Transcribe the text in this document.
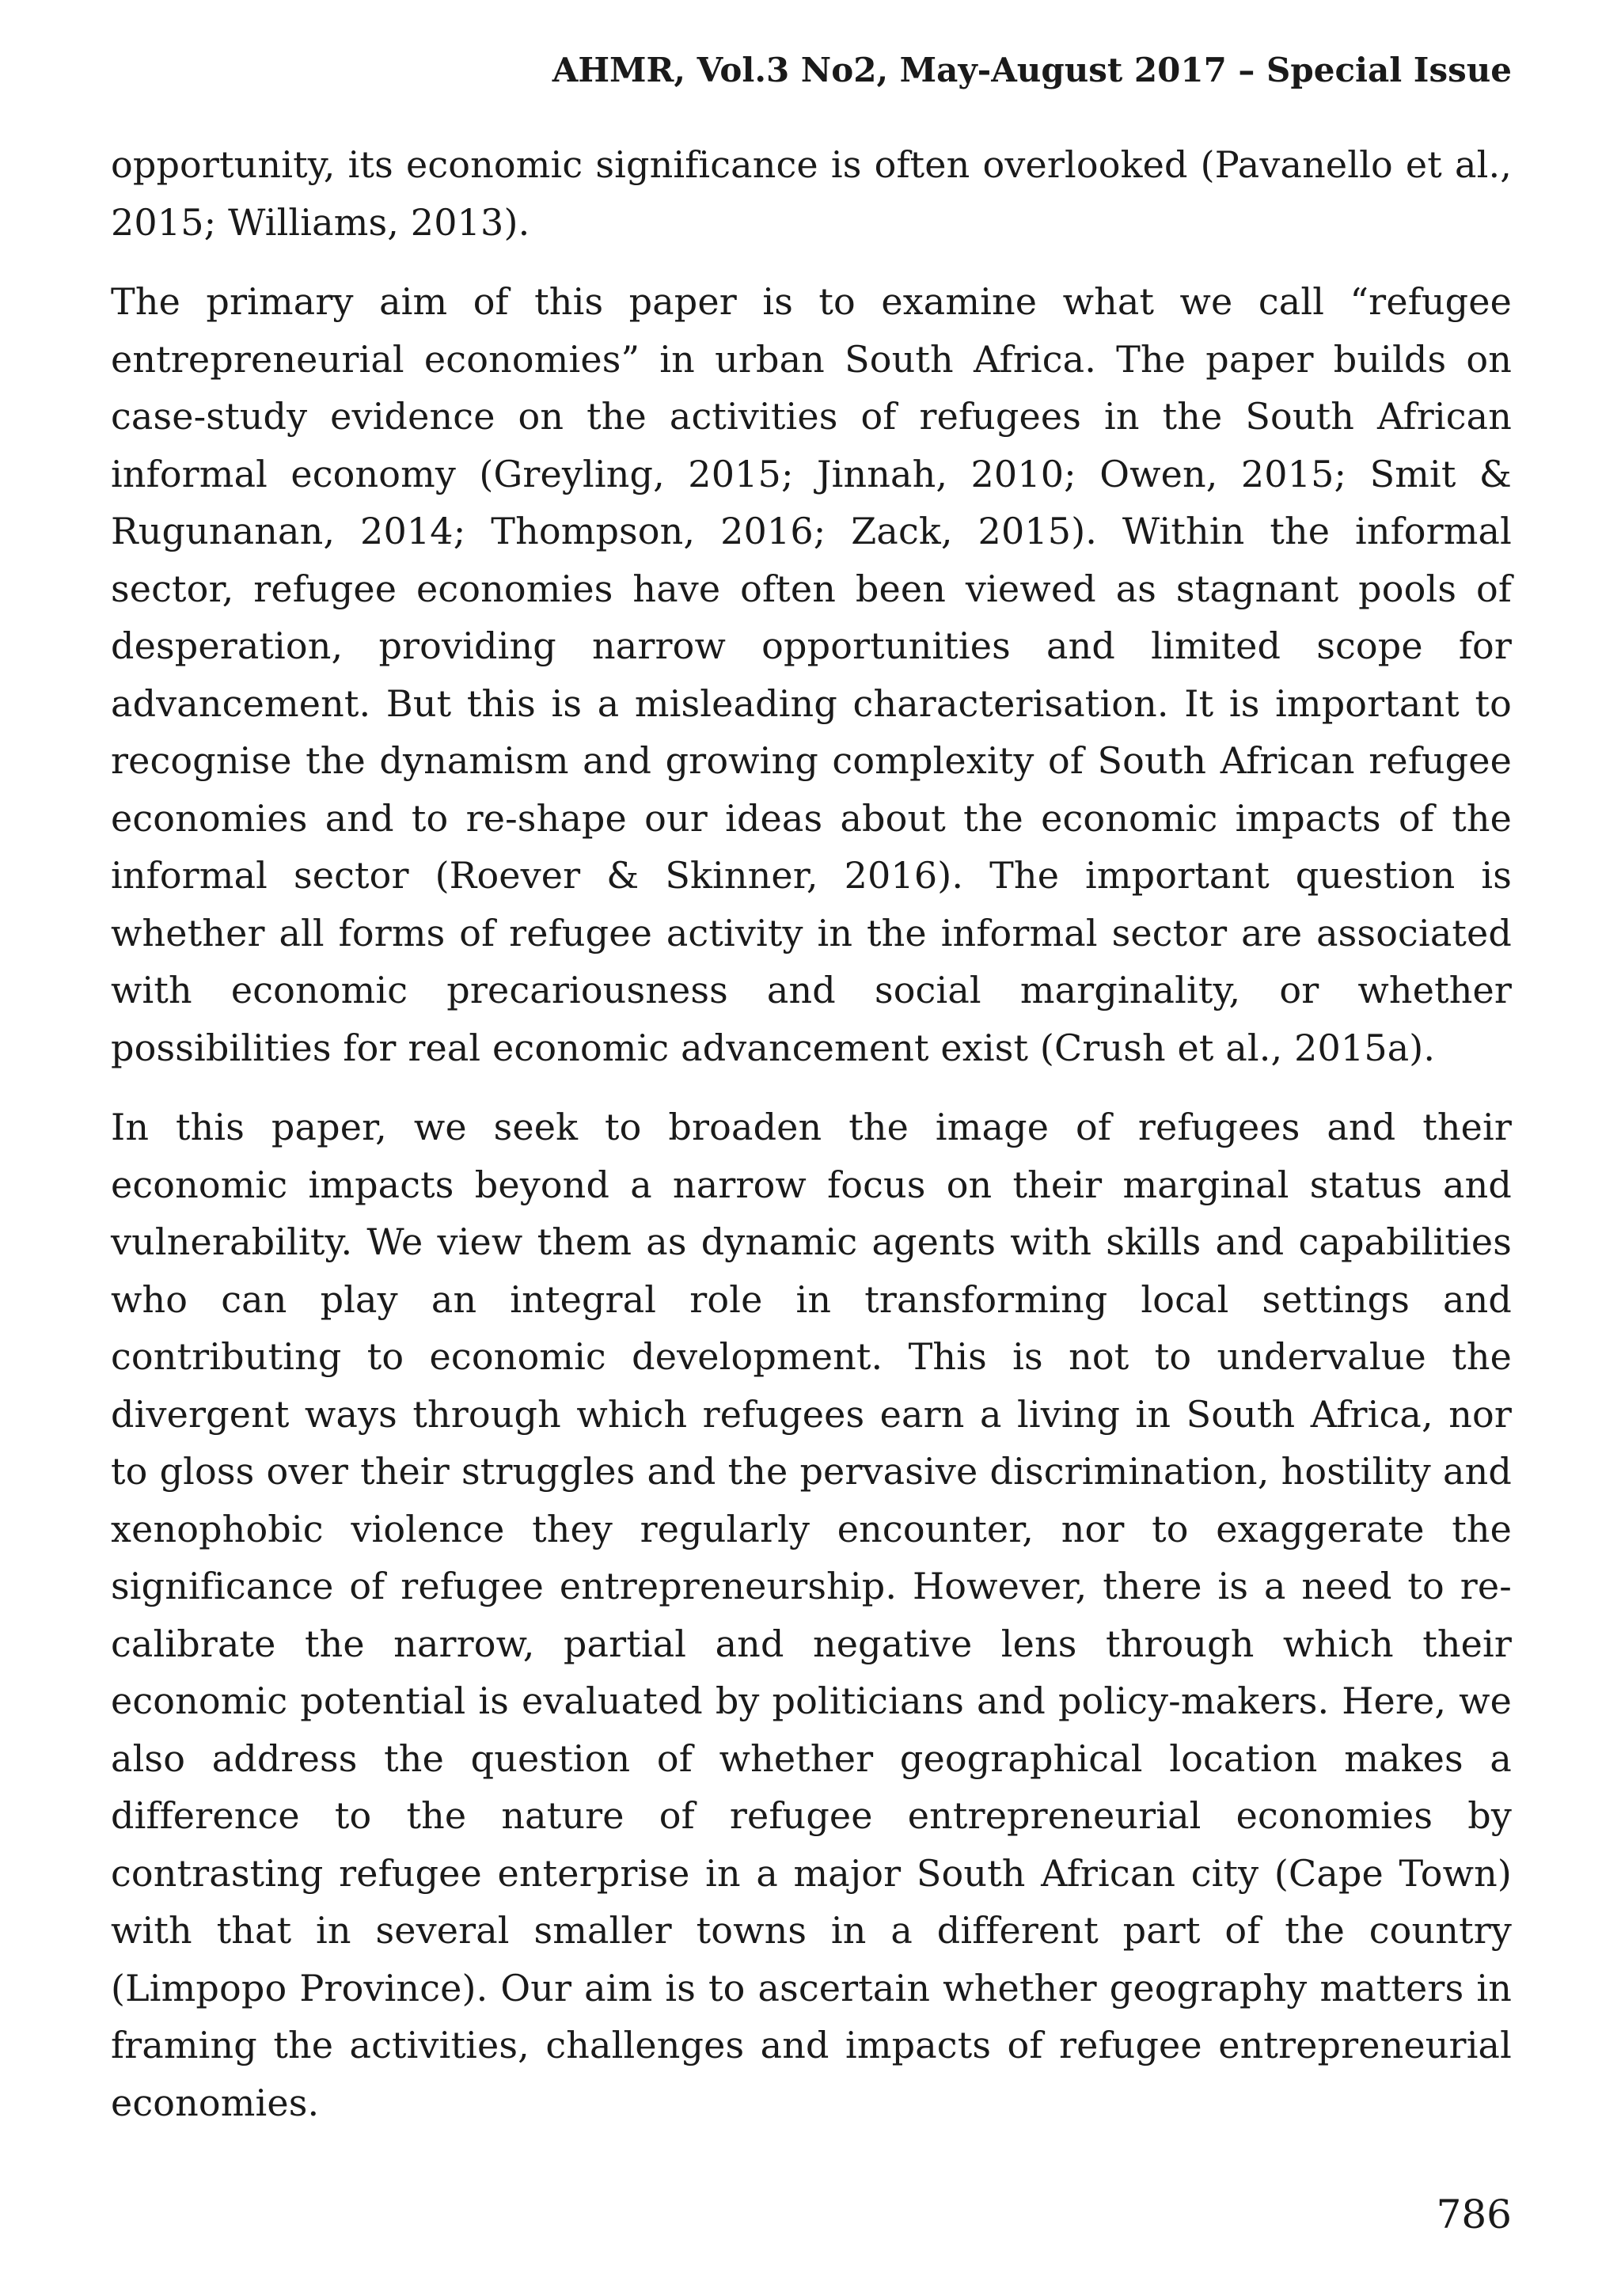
AHMR, Vol.3 No2, May-August 2017 – Special Issue

opportunity, its economic significance is often overlooked (Pavanello et al., 2015; Williams, 2013).

The primary aim of this paper is to examine what we call “refugee entrepreneurial economies” in urban South Africa. The paper builds on case-study evidence on the activities of refugees in the South African informal economy (Greyling, 2015; Jinnah, 2010; Owen, 2015; Smit & Rugunanan, 2014; Thompson, 2016; Zack, 2015). Within the informal sector, refugee economies have often been viewed as stagnant pools of desperation, providing narrow opportunities and limited scope for advancement. But this is a misleading characterisation. It is important to recognise the dynamism and growing complexity of South African refugee economies and to re-shape our ideas about the economic impacts of the informal sector (Roever & Skinner, 2016). The important question is whether all forms of refugee activity in the informal sector are associated with economic precariousness and social marginality, or whether possibilities for real economic advancement exist (Crush et al., 2015a).

In this paper, we seek to broaden the image of refugees and their economic impacts beyond a narrow focus on their marginal status and vulnerability. We view them as dynamic agents with skills and capabilities who can play an integral role in transforming local settings and contributing to economic development. This is not to undervalue the divergent ways through which refugees earn a living in South Africa, nor to gloss over their struggles and the pervasive discrimination, hostility and xenophobic violence they regularly encounter, nor to exaggerate the significance of refugee entrepreneurship. However, there is a need to re-calibrate the narrow, partial and negative lens through which their economic potential is evaluated by politicians and policy-makers. Here, we also address the question of whether geographical location makes a difference to the nature of refugee entrepreneurial economies by contrasting refugee enterprise in a major South African city (Cape Town) with that in several smaller towns in a different part of the country (Limpopo Province). Our aim is to ascertain whether geography matters in framing the activities, challenges and impacts of refugee entrepreneurial economies.

786
